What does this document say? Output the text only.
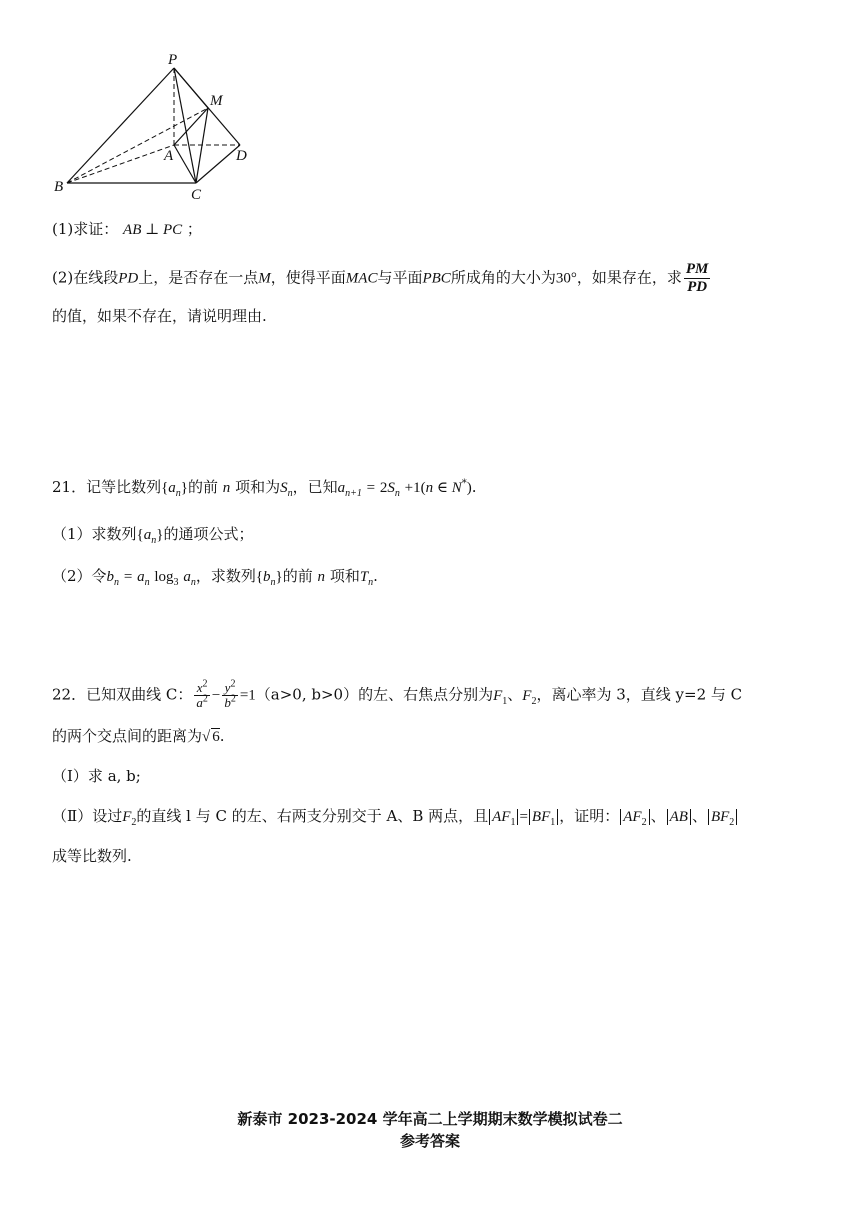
P
M
A	D
B	C
(1)求证： AB ⊥ PC ；
(2)在线段PD上，是否存在一点M，使得平面MAC与平面PBC所成角的大小为30°，如果存在，求 $\frac{PM}{PD}$
的值，如果不存在，请说明理由.
21．记等比数列$\{a_n\}$的前 n 项和为$S_n$，已知$a_{n+1} = 2S_n +1(n$ ∈ N*).
（1）求数列$\{a_n\}$的通项公式；
（2）令$b_n = a_n$ $\log_3 a_n$，求数列$\{b_n\}$的前 n 项和$T_n$.
22．已知双曲线 C： $\frac{x^2}{a^2} - \frac{y^2}{b^2} =1(a>0$, b>0）的左、右焦点分别为$F_1$、$F_2$，离心率为 3，直线 y=2 与 C
的两个交点间的距离为√ 6.
（Ⅰ）求 a, b;
（Ⅱ）设过$F_2$的直线 l 与 C 的左、右两支分别交于 A、B 两点，且 $AF_1 = BF_1$ ，证明： $AF_2$ 、 AB 、 $BF_2$
成等比数列.
新泰市 2023-2024 学年高二上学期期末数学模拟试卷二
参考答案
